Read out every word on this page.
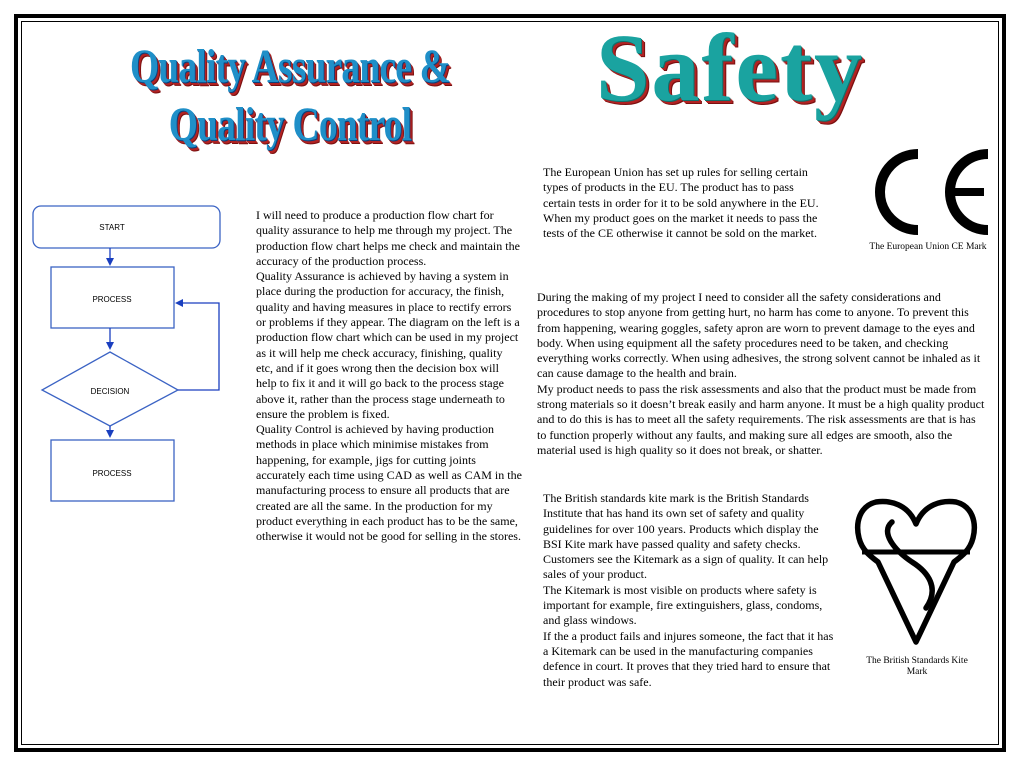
Quality Assurance &
Quality Control
Safety
START
PROCESS
DECISION
PROCESS

I will need to produce a production flow chart for quality assurance to help me through my project. The production flow chart helps me check and maintain the accuracy of the production process.

Quality Assurance is achieved by having a system in place during the production for accuracy, the finish, quality and having measures in place to rectify errors or problems if they appear. The diagram on the left is a production flow chart which can be used in my project as it will help me check accuracy, finishing, quality etc, and if it goes wrong then the decision box will help to fix it and it will go back to the process stage above it, rather than the process stage underneath to ensure the problem is fixed.

Quality Control is achieved by having production methods in place which minimise mistakes from happening, for example, jigs for cutting joints accurately each time using CAD as well as CAM in the manufacturing process to ensure all products that are created are all the same. In the production for my product everything in each product has to be the same, otherwise it would not be good for selling in the stores.

The European Union has set up rules for selling certain types of products in the EU. The product has to pass certain tests in order for it to be sold anywhere in the EU.

When my product goes on the market it needs to pass the tests of the CE otherwise it cannot be sold on the market.

The European Union CE Mark

During the making of my project I need to consider all the safety considerations and procedures to stop anyone from getting hurt, no harm has come to anyone. To prevent this from happening, wearing goggles, safety apron are worn to prevent damage to the eyes and body. When using equipment all the safety procedures need to be taken, and checking everything works correctly. When using adhesives, the strong solvent cannot be inhaled as it can cause damage to the health and brain.

My product needs to pass the risk assessments and also that the product must be made from strong materials so it doesn’t break easily and harm anyone. It must be a high quality product and to do this is has to meet all the safety requirements. The risk assessments are that is has to function properly without any faults, and making sure all edges are smooth, also the material used is high quality so it does not break, or shatter.

The British standards kite mark is the British Standards Institute that has hand its own set of safety and quality guidelines for over 100 years. Products which display the BSI Kite mark have passed quality and safety checks. Customers see the Kitemark as a sign of quality. It can help sales of your product.

The Kitemark is most visible on products where safety is important for example, fire extinguishers, glass, condoms, and glass windows.

If the a product fails and injures someone, the fact that it has a Kitemark can be used in the manufacturing companies defence in court. It proves that they tried hard to ensure that their product was safe.

The British Standards Kite Mark
